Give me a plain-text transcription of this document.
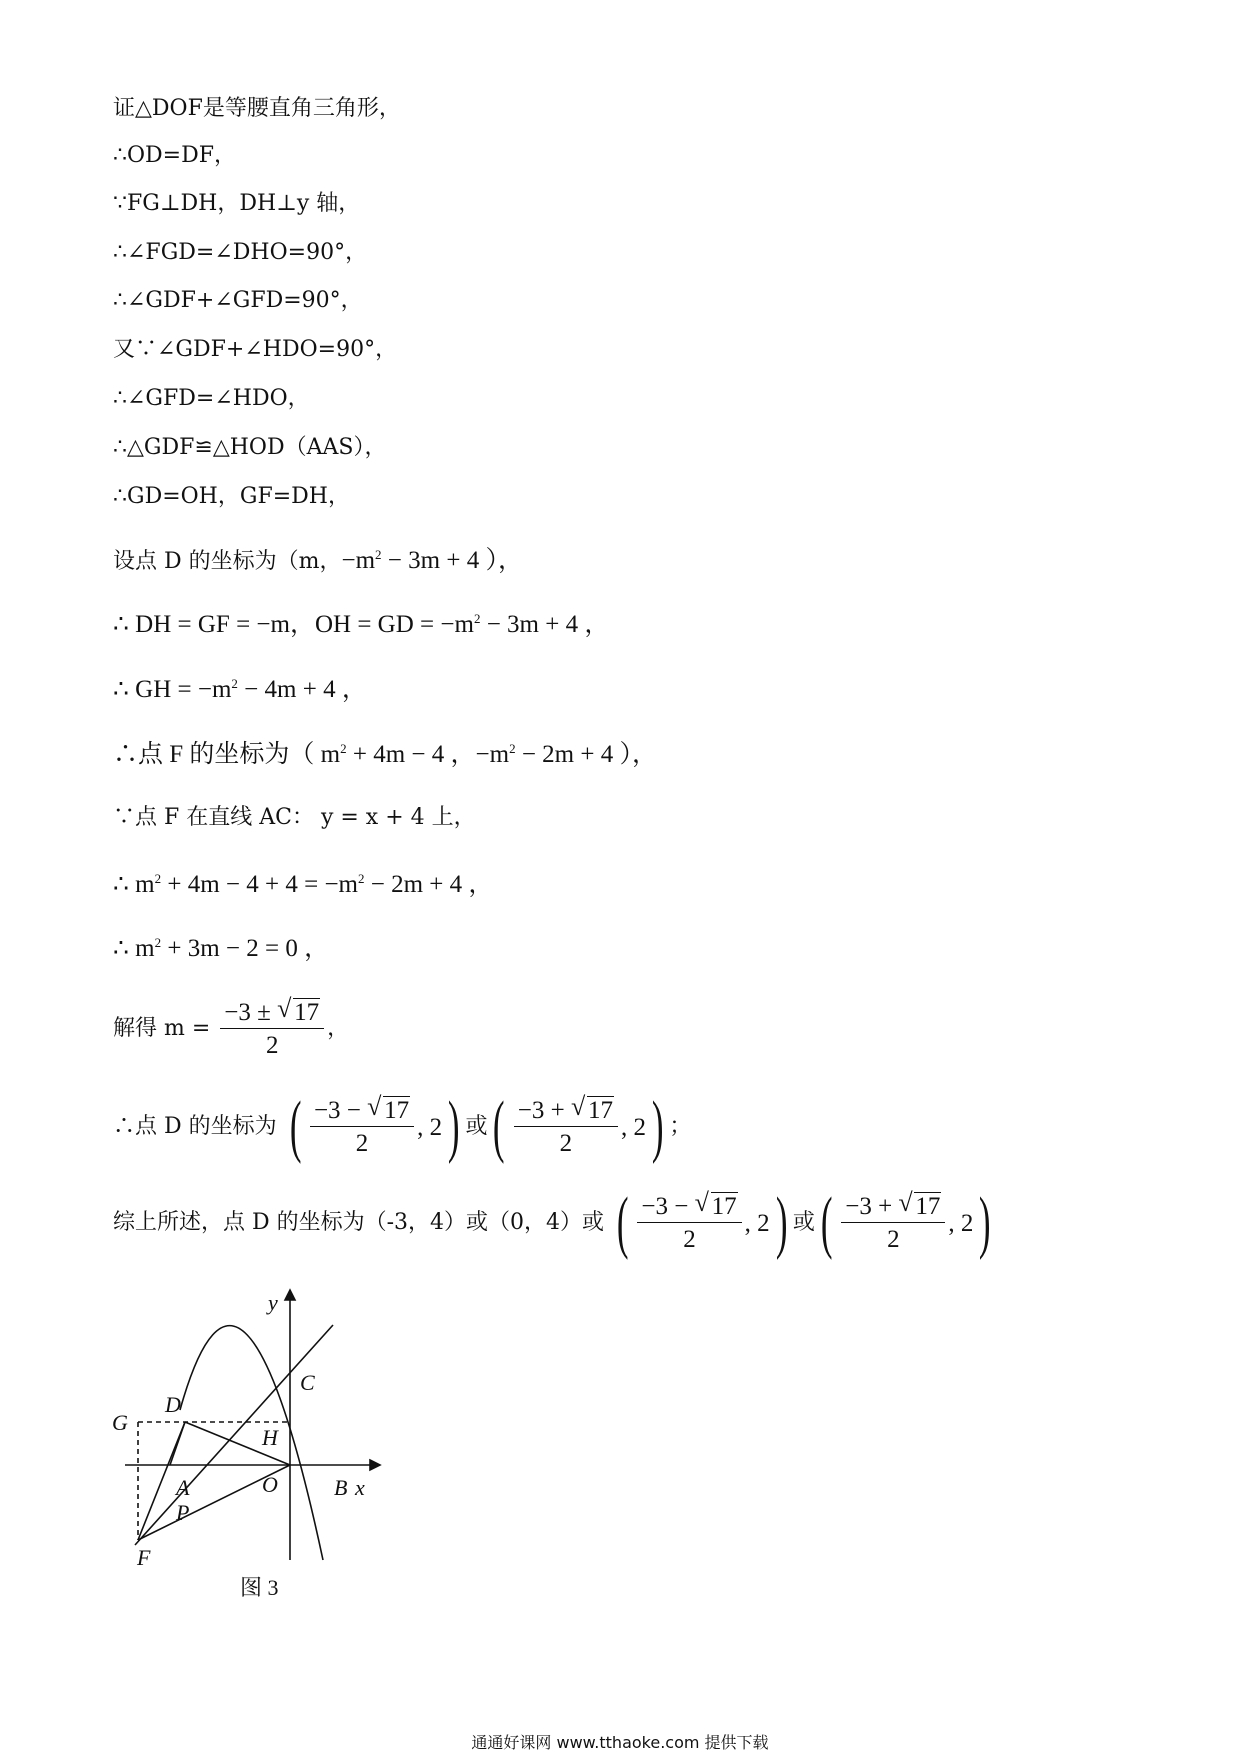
证△DOF是等腰直角三角形，
∴OD=DF，
∵FG⊥DH，DH⊥y 轴，
∴∠FGD=∠DHO=90°，
∴∠GDF+∠GFD=90°，
又∵∠GDF+∠HDO=90°，
∴∠GFD=∠HDO，
∴△GDF≌△HOD（AAS），
∴GD=OH，GF=DH，
设点 D 的坐标为（m，$-m^2 - 3m + 4$ ），
∴ DH = GF = −m，OH = GD = $-m^2 - 3m + 4$ ，
∴ GH = $-m^2 - 4m + 4$ ，
∴点 F 的坐标为（ $m^2 + 4m - 4$ ，$-m^2 - 2m + 4$ ），
∵点 F 在直线 AC： y = x + 4 上，
∴ $m^2 + 4m - 4 + 4 = -m^2 - 2m + 4$ ，
∴ $m^2 + 3m - 2 = 0$ ，
解得 $m = \frac{-3 \pm √ 17}{2}$ ，
∴点 D 的坐标为 ( $\frac{-3 - √ 17}{2}$ , 2 ) 或 ( $\frac{-3 + √ 17}{2}$ , 2 ) ；
综上所述，点 D 的坐标为（-3，4）或（0，4）或 ( $\frac{-3 - √ 17}{2}$ , 2 ) 或 ( $\frac{-3 + √ 17}{2}$ , 2 )
y
x
C
D
G
H
A	O	B
P
F
图 3
通通好课网 www.tthaoke.com 提供下载
